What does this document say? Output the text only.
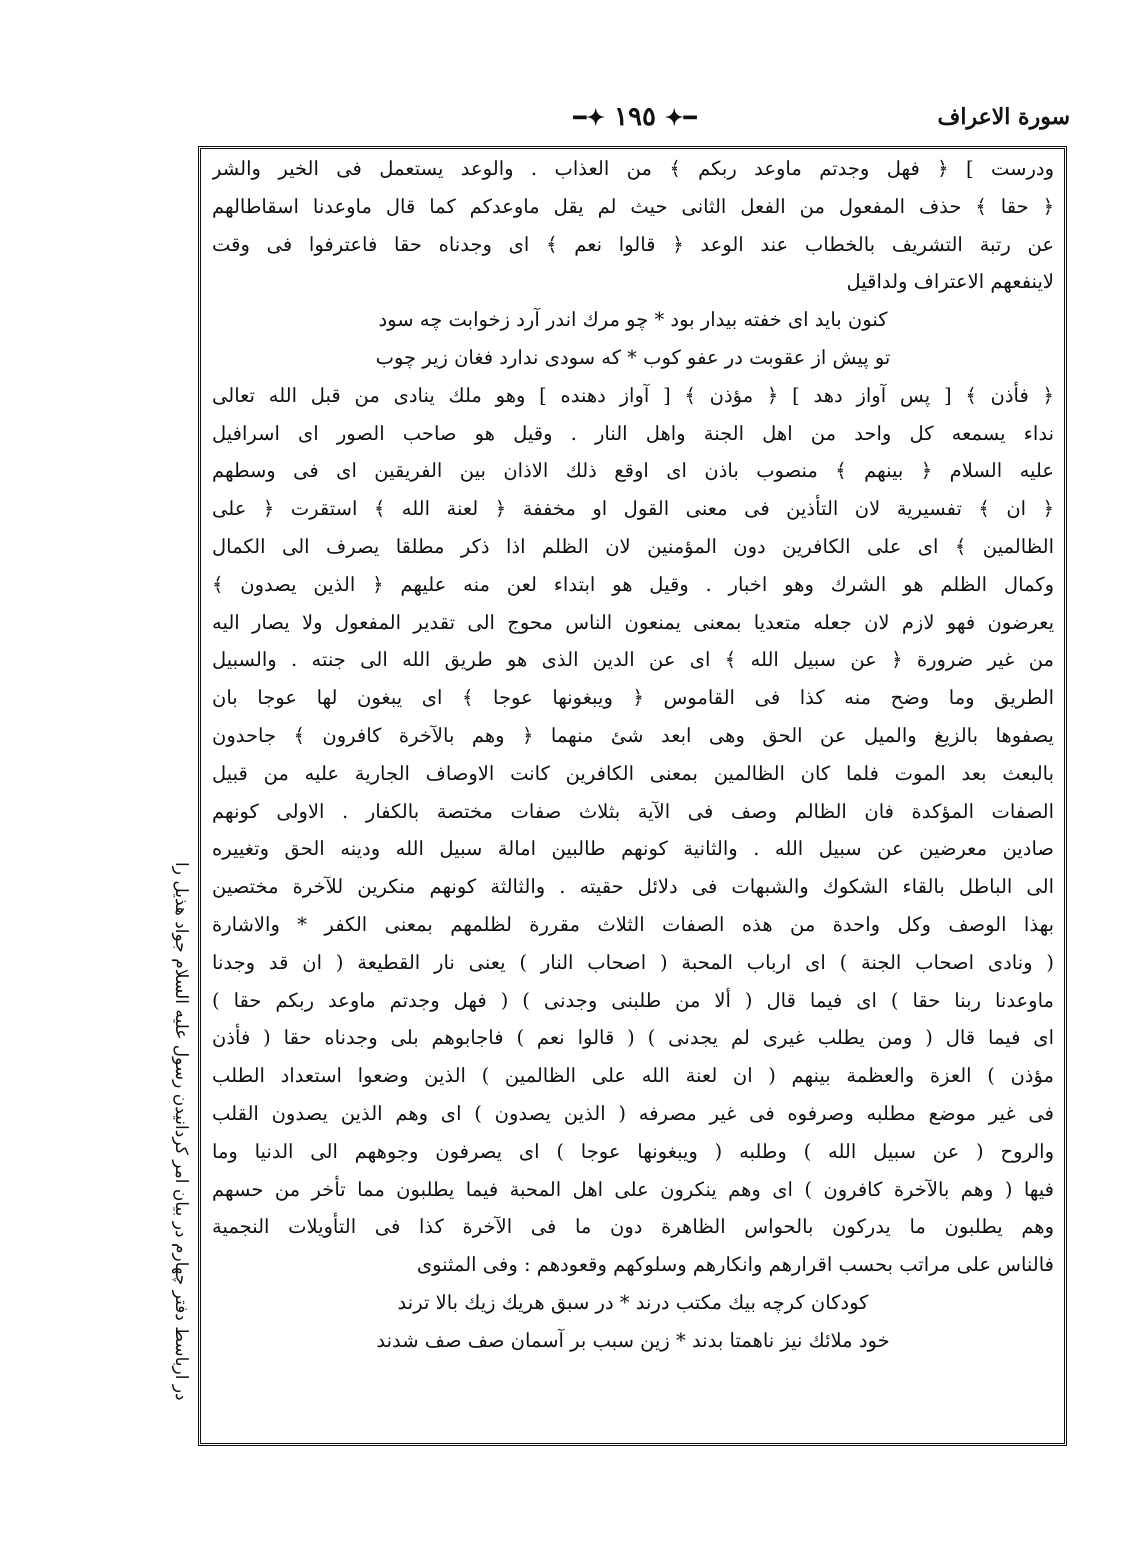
سورة الاعراف
━✦ ١٩٥ ✦━
در ارباسط دفتر چهارم در بیان امر کردانیدن رسول علیه السلام جواد هذیل را
ودرست ] ﴿ فهل وجدتم ماوعد ربكم ﴾ من العذاب . والوعد يستعمل فى الخير والشر
﴿ حقا ﴾ حذف المفعول من الفعل الثانى حيث لم يقل ماوعدكم كما قال ماوعدنا اسقاطالهم
عن رتبة التشريف بالخطاب عند الوعد ﴿ قالوا نعم ﴾ اى وجدناه حقا فاعترفوا فى وقت
لاينفعهم الاعتراف ولداقيل
كنون بايد اى خفته بيدار بود * چو مرك اندر آرد زخوابت چه سود
تو پيش از عقوبت در عفو كوب * كه سودى ندارد فغان زير چوب
﴿ فأذن ﴾ [ پس آواز دهد ] ﴿ مؤذن ﴾ [ آواز دهنده ] وهو ملك ينادى من قبل الله تعالى
نداء يسمعه كل واحد من اهل الجنة واهل النار . وقيل هو صاحب الصور اى اسرافيل
عليه السلام ﴿ بينهم ﴾ منصوب باذن اى اوقع ذلك الاذان بين الفريقين اى فى وسطهم
﴿ ان ﴾ تفسيرية لان التأذين فى معنى القول او مخففة ﴿ لعنة الله ﴾ استقرت ﴿ على
الظالمين ﴾ اى على الكافرين دون المؤمنين لان الظلم اذا ذكر مطلقا يصرف الى الكمال
وكمال الظلم هو الشرك وهو اخبار . وقيل هو ابتداء لعن منه عليهم ﴿ الذين يصدون ﴾
يعرضون فهو لازم لان جعله متعديا بمعنى يمنعون الناس محوج الى تقدير المفعول ولا يصار اليه
من غير ضرورة ﴿ عن سبيل الله ﴾ اى عن الدين الذى هو طريق الله الى جنته . والسبيل
الطريق وما وضح منه كذا فى القاموس ﴿ ويبغونها عوجا ﴾ اى يبغون لها عوجا بان
يصفوها بالزيغ والميل عن الحق وهى ابعد شئ منهما ﴿ وهم بالآخرة كافرون ﴾ جاحدون
بالبعث بعد الموت فلما كان الظالمين بمعنى الكافرين كانت الاوصاف الجارية عليه من قبيل
الصفات المؤكدة فان الظالم وصف فى الآية بثلاث صفات مختصة بالكفار . الاولى كونهم
صادين معرضين عن سبيل الله . والثانية كونهم طالبين امالة سبيل الله ودينه الحق وتغييره
الى الباطل بالقاء الشكوك والشبهات فى دلائل حقيته . والثالثة كونهم منكرين للآخرة مختصين
بهذا الوصف وكل واحدة من هذه الصفات الثلاث مقررة لظلمهم بمعنى الكفر * والاشارة
( ونادى اصحاب الجنة ) اى ارباب المحبة ( اصحاب النار ) يعنى نار القطيعة ( ان قد وجدنا
ماوعدنا ربنا حقا ) اى فيما قال ( ألا من طلبنى وجدنى ) ( فهل وجدتم ماوعد ربكم حقا )
اى فيما قال ( ومن يطلب غيرى لم يجدنى ) ( قالوا نعم ) فاجابوهم بلى وجدناه حقا ( فأذن
مؤذن ) العزة والعظمة بينهم ( ان لعنة الله على الظالمين ) الذين وضعوا استعداد الطلب
فى غير موضع مطلبه وصرفوه فى غير مصرفه ( الذين يصدون ) اى وهم الذين يصدون القلب
والروح ( عن سبيل الله ) وطلبه ( ويبغونها عوجا ) اى يصرفون وجوههم الى الدنيا وما
فيها ( وهم بالآخرة كافرون ) اى وهم ينكرون على اهل المحبة فيما يطلبون مما تأخر من حسهم
وهم يطلبون ما يدركون بالحواس الظاهرة دون ما فى الآخرة كذا فى التأويلات النجمية
فالناس على مراتب بحسب اقرارهم وانكارهم وسلوكهم وقعودهم : وفى المثنوى
كودكان كرچه بيك مكتب درند * در سبق هريك زيك بالا ترند
خود ملائك نيز ناهمتا بدند * زين سبب بر آسمان صف صف شدند
